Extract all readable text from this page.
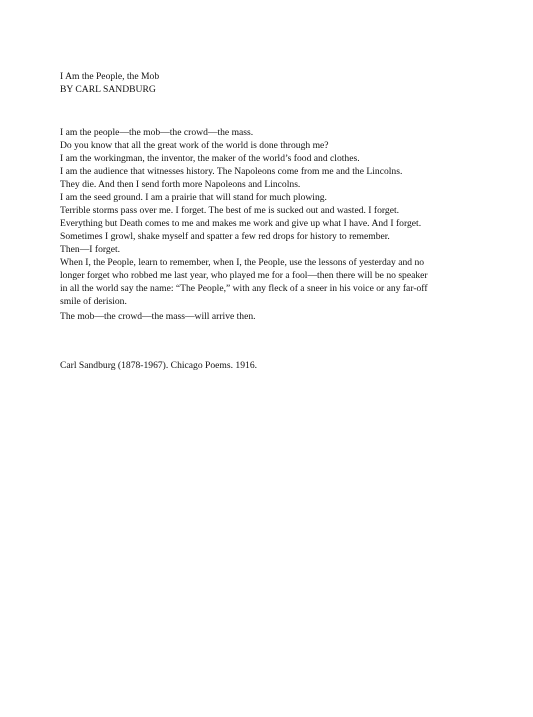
I Am the People, the Mob
BY CARL SANDBURG
I am the people—the mob—the crowd—the mass.
Do you know that all the great work of the world is done through me?
I am the workingman, the inventor, the maker of the world’s food and clothes.
I am the audience that witnesses history. The Napoleons come from me and the Lincolns.
They die. And then I send forth more Napoleons and Lincolns.
I am the seed ground. I am a prairie that will stand for much plowing.
Terrible storms pass over me. I forget. The best of me is sucked out and wasted. I forget.
Everything but Death comes to me and makes me work and give up what I have. And I forget.
Sometimes I growl, shake myself and spatter a few red drops for history to remember.
Then—I forget.
When I, the People, learn to remember, when I, the People, use the lessons of yesterday and no
longer forget who robbed me last year, who played me for a fool—then there will be no speaker
in all the world say the name: “The People,” with any fleck of a sneer in his voice or any far-off
smile of derision.
The mob—the crowd—the mass—will arrive then.
Carl Sandburg (1878-1967). Chicago Poems. 1916.
